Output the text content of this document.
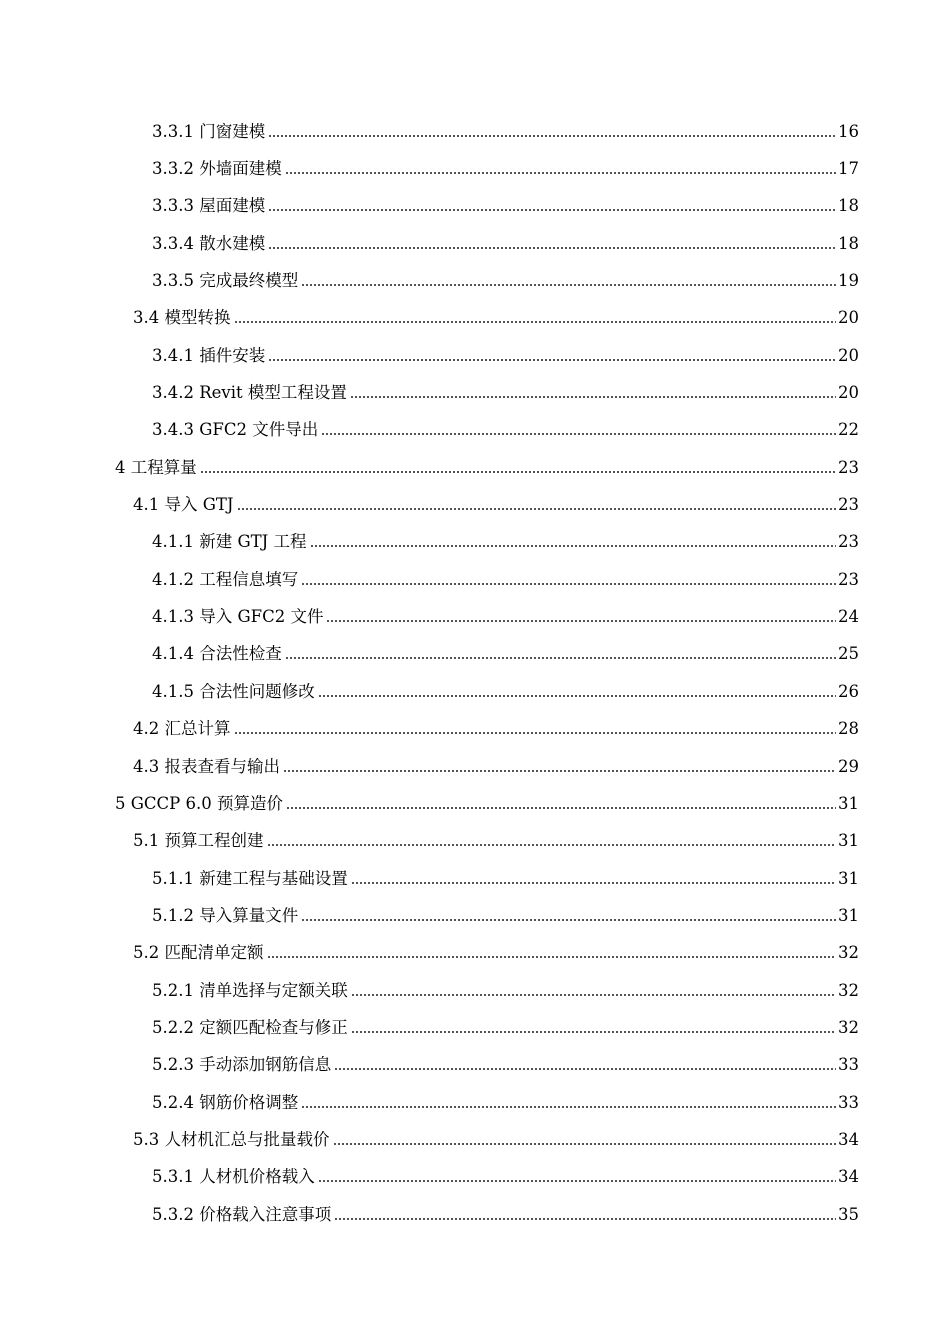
3.3.1 门窗建模	16
3.3.2 外墙面建模	17
3.3.3 屋面建模	18
3.3.4 散水建模	18
3.3.5 完成最终模型	19
3.4 模型转换	20
3.4.1 插件安装	20
3.4.2 Revit 模型工程设置	20
3.4.3 GFC2 文件导出	22
4 工程算量	23
4.1 导入 GTJ	23
4.1.1 新建 GTJ 工程	23
4.1.2 工程信息填写	23
4.1.3 导入 GFC2 文件	24
4.1.4 合法性检查	25
4.1.5 合法性问题修改	26
4.2 汇总计算	28
4.3 报表查看与输出	29
5 GCCP 6.0 预算造价	31
5.1 预算工程创建	31
5.1.1 新建工程与基础设置	31
5.1.2 导入算量文件	31
5.2 匹配清单定额	32
5.2.1 清单选择与定额关联	32
5.2.2 定额匹配检查与修正	32
5.2.3 手动添加钢筋信息	33
5.2.4 钢筋价格调整	33
5.3 人材机汇总与批量载价	34
5.3.1 人材机价格载入	34
5.3.2 价格载入注意事项	35
